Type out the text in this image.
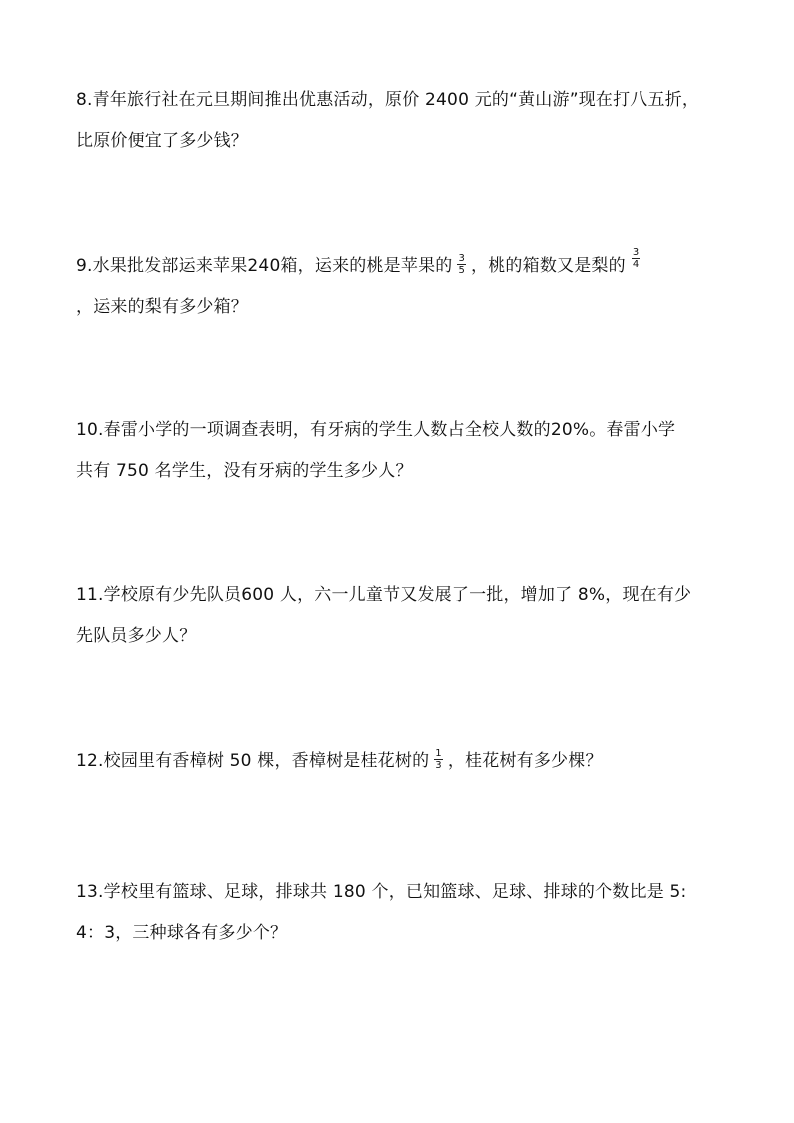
8.青年旅行社在元旦期间推出优惠活动，原价 2400 元的“黄山游”现在打八五折，
比原价便宜了多少钱？
9.水果批发部运来苹果240箱，运来的桃是苹果的 $\frac{3}{5}$ ，桃的箱数又是梨的 $\frac{3}{4}$
，运来的梨有多少箱？
10.春雷小学的一项调查表明，有牙病的学生人数占全校人数的20%。春雷小学
共有 750 名学生，没有牙病的学生多少人？
11.学校原有少先队员600 人，六一儿童节又发展了一批，增加了 8%，现在有少
先队员多少人？
12.校园里有香樟树 50 棵，香樟树是桂花树的 $\frac{1}{3}$ ，桂花树有多少棵？
13.学校里有篮球、足球，排球共 180 个，已知篮球、足球、排球的个数比是 5:
4：3，三种球各有多少个？
